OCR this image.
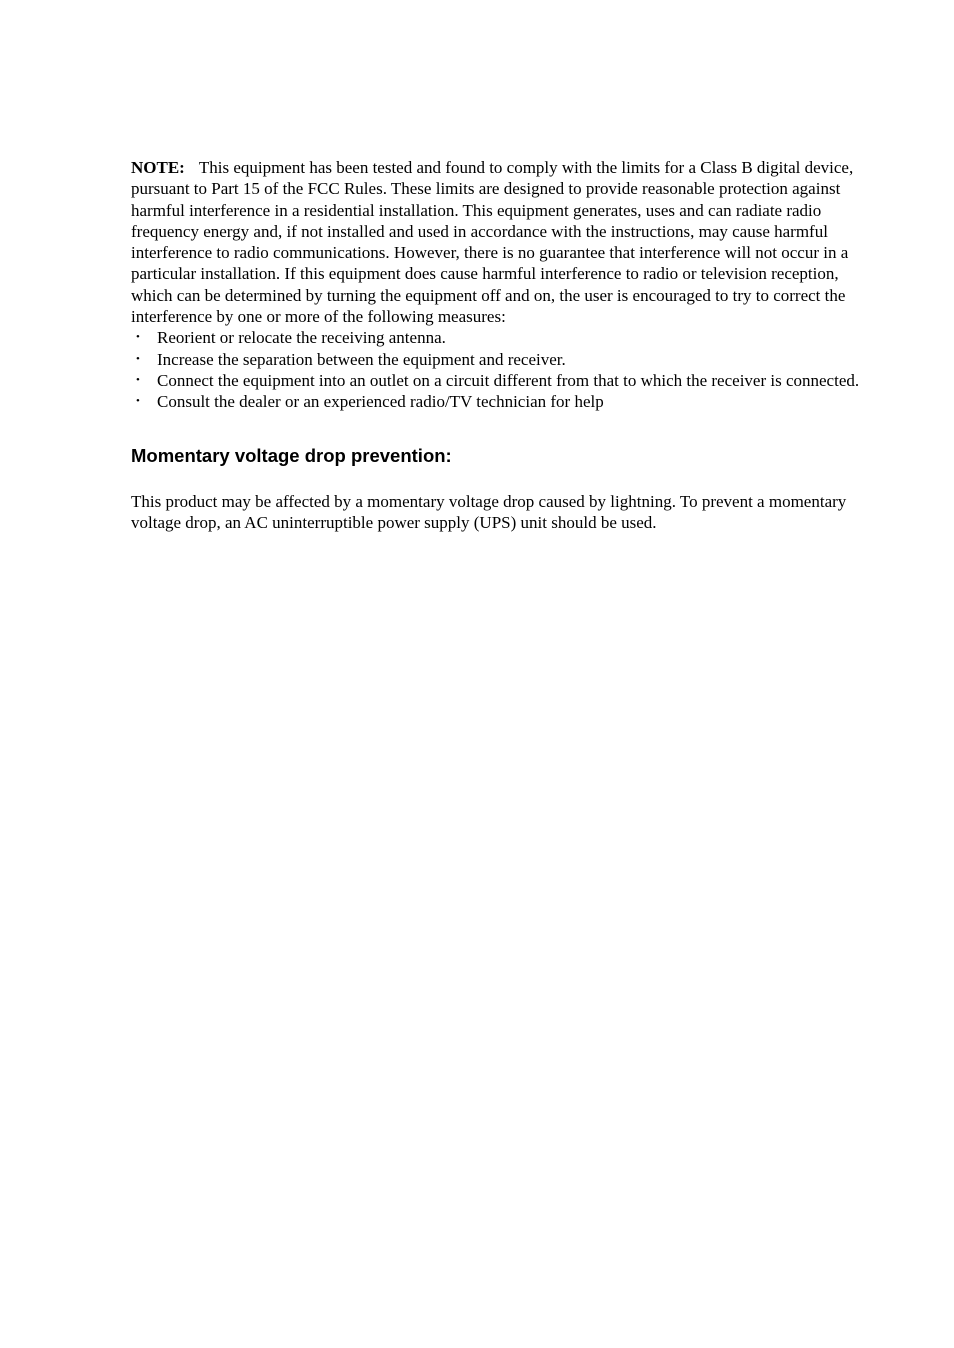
NOTE: This equipment has been tested and found to comply with the limits for a Class B digital device, pursuant to Part 15 of the FCC Rules. These limits are designed to provide reasonable protection against harmful interference in a residential installation. This equipment generates, uses and can radiate radio frequency energy and, if not installed and used in accordance with the instructions, may cause harmful interference to radio communications. However, there is no guarantee that interference will not occur in a particular installation. If this equipment does cause harmful interference to radio or television reception, which can be determined by turning the equipment off and on, the user is encouraged to try to correct the interference by one or more of the following measures:

• Reorient or relocate the receiving antenna.
• Increase the separation between the equipment and receiver.
• Connect the equipment into an outlet on a circuit different from that to which the receiver is connected.
• Consult the dealer or an experienced radio/TV technician for help
Momentary voltage drop prevention:

This product may be affected by a momentary voltage drop caused by lightning. To prevent a momentary voltage drop, an AC uninterruptible power supply (UPS) unit should be used.
